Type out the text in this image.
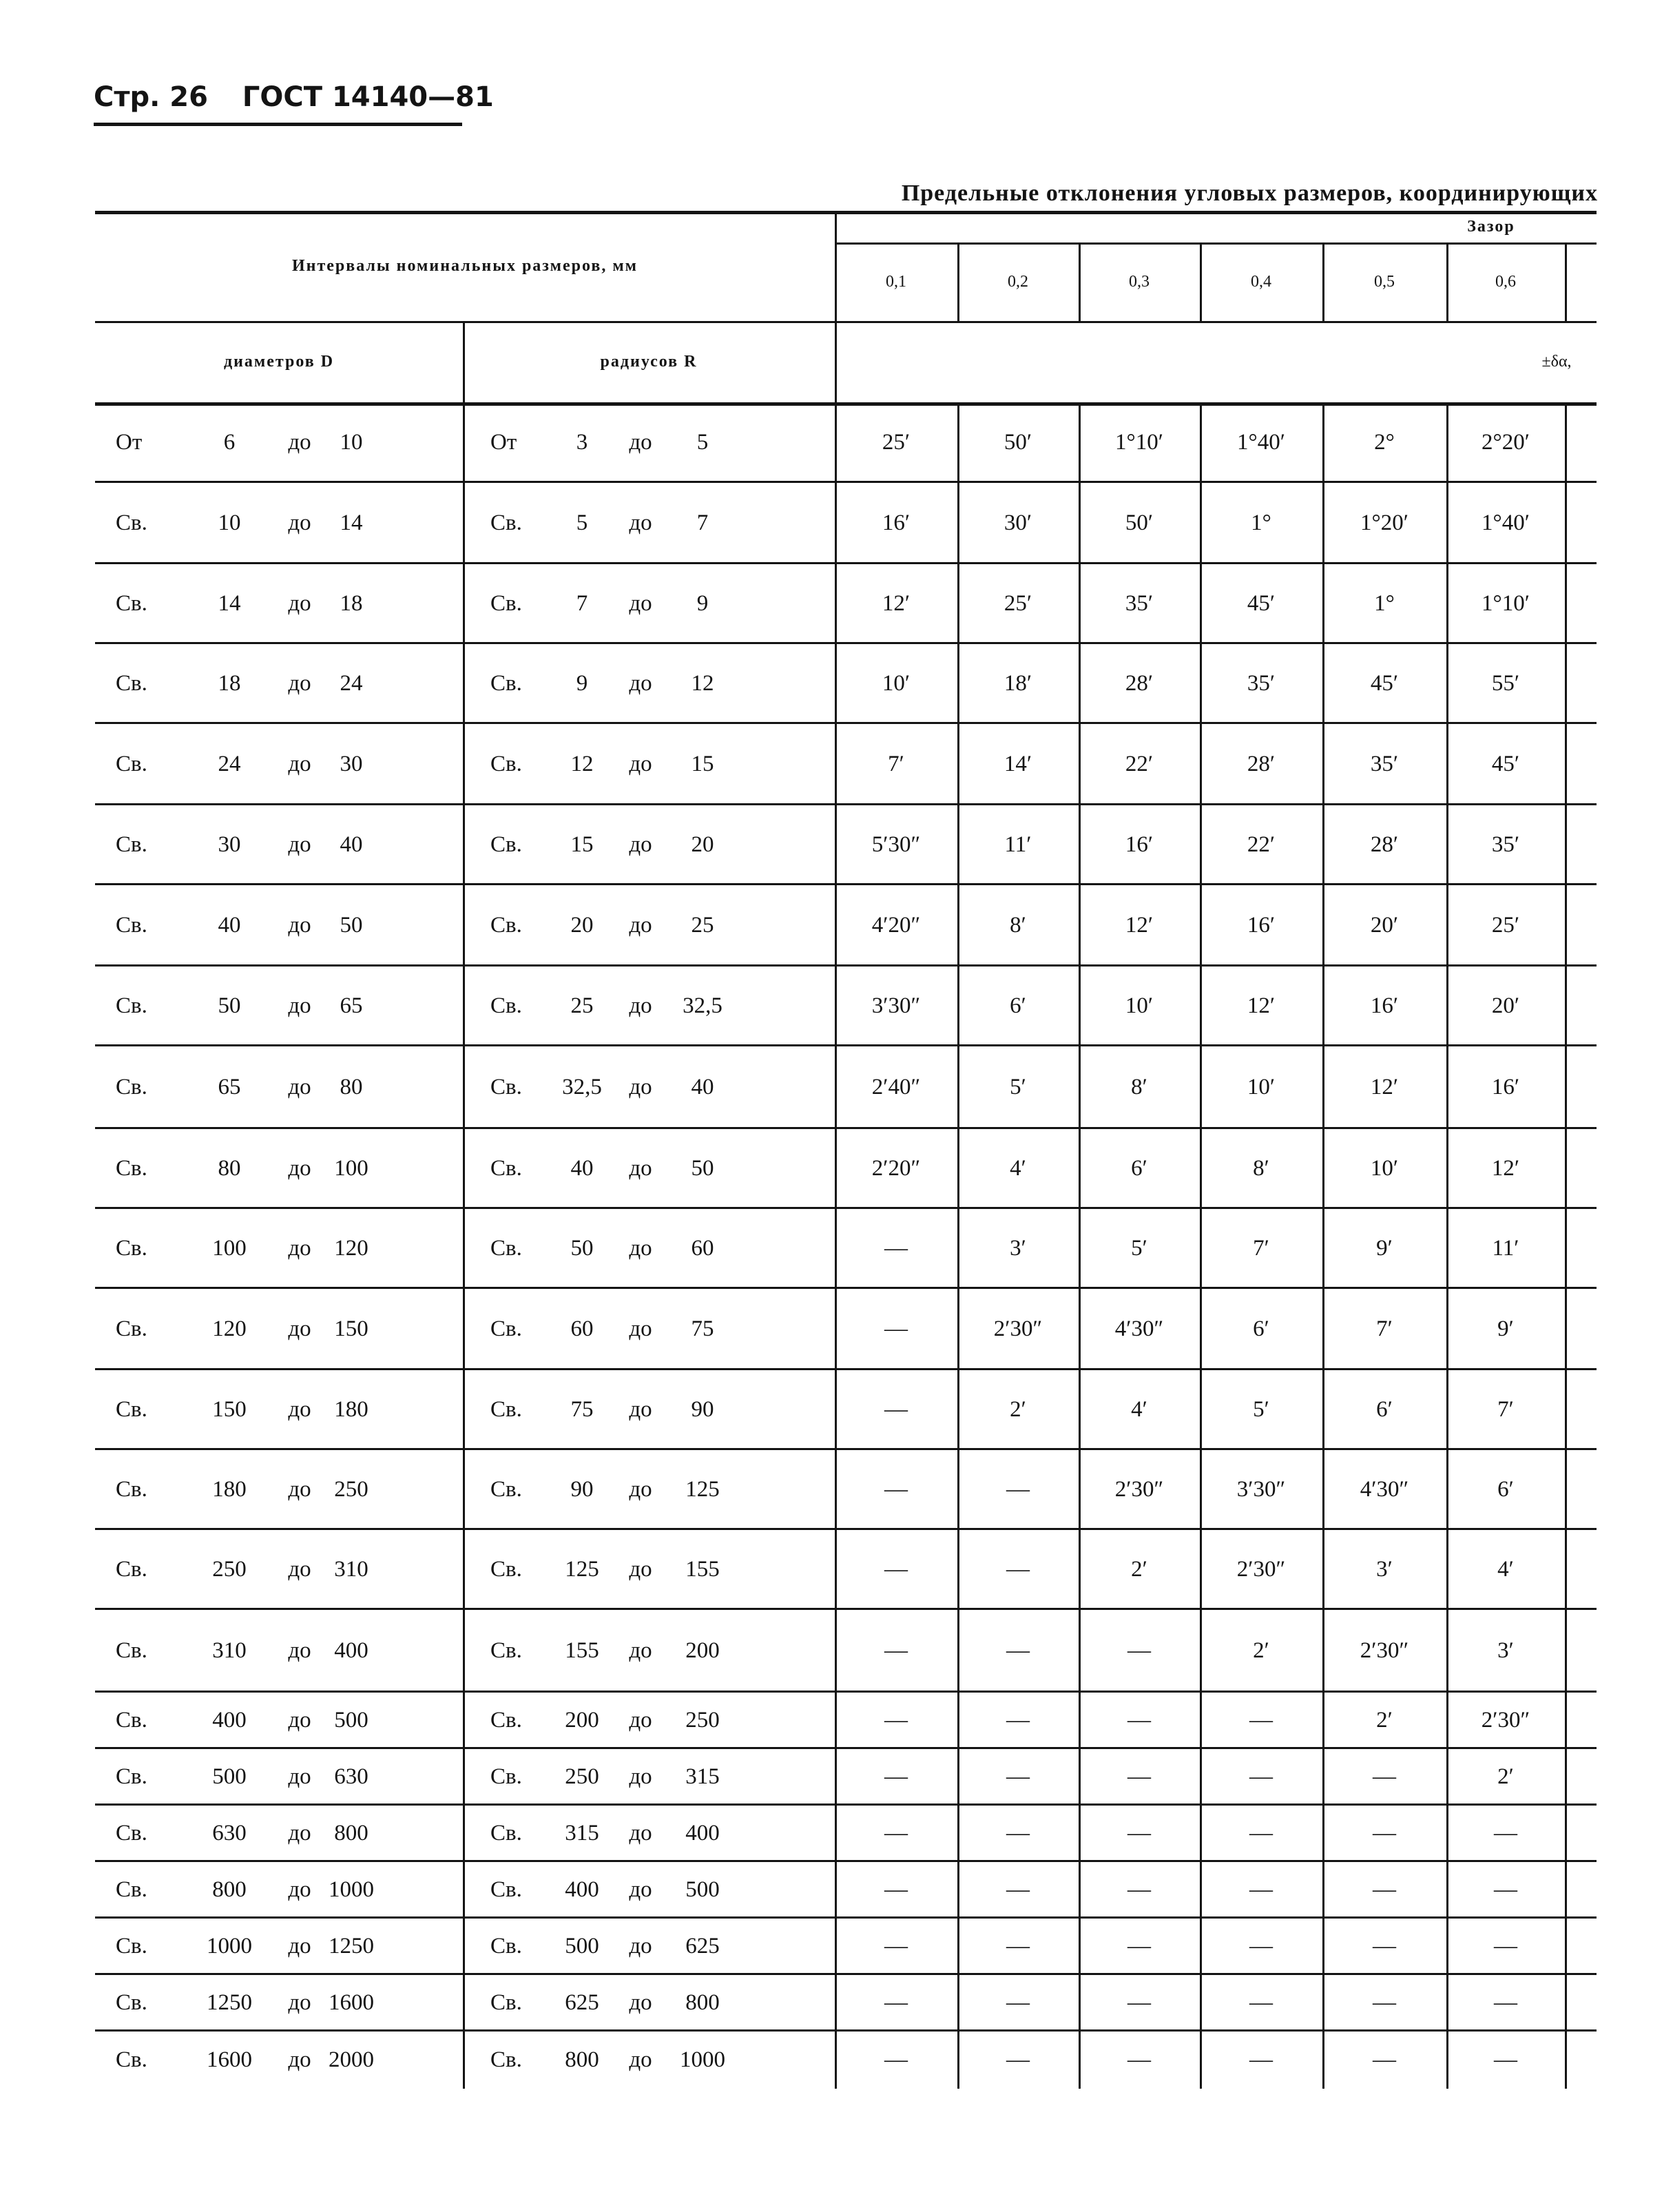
Стр. 26 ГОСТ 14140—81
Предельные отклонения угловых размеров, координирующих
Интервалы номинальных размеров, мм
Зазор
0,1	0,2	0,3	0,4	0,5	0,6
диаметров D	радиусов R	±δα,
От	6	до	10	От	3	до	5	25′	50′	1°10′	1°40′	2°	2°20′
Св.	10	до	14	Св.	5	до	7	16′	30′	50′	1°	1°20′	1°40′
Св.	14	до	18	Св.	7	до	9	12′	25′	35′	45′	1°	1°10′
Св.	18	до	24	Св.	9	до	12	10′	18′	28′	35′	45′	55′
Св.	24	до	30	Св.	12	до	15	7′	14′	22′	28′	35′	45′
Св.	30	до	40	Св.	15	до	20	5′30″	11′	16′	22′	28′	35′
Св.	40	до	50	Св.	20	до	25	4′20″	8′	12′	16′	20′	25′
Св.	50	до	65	Св.	25	до	32,5	3′30″	6′	10′	12′	16′	20′
Св.	65	до	80	Св.	32,5	до	40	2′40″	5′	8′	10′	12′	16′
Св.	80	до	100	Св.	40	до	50	2′20″	4′	6′	8′	10′	12′
Св.	100	до	120	Св.	50	до	60	—	3′	5′	7′	9′	11′
Св.	120	до	150	Св.	60	до	75	—	2′30″	4′30″	6′	7′	9′
Св.	150	до	180	Св.	75	до	90	—	2′	4′	5′	6′	7′
Св.	180	до	250	Св.	90	до	125	—	—	2′30″	3′30″	4′30″	6′
Св.	250	до	310	Св.	125	до	155	—	—	2′	2′30″	3′	4′
Св.	310	до	400	Св.	155	до	200	—	—	—	2′	2′30″	3′
Св.	400	до	500	Св.	200	до	250	—	—	—	—	2′	2′30″
Св.	500	до	630	Св.	250	до	315	—	—	—	—	—	2′
Св.	630	до	800	Св.	315	до	400	—	—	—	—	—	—
Св.	800	до 1000	Св.	400	до	500	—	—	—	—	—	—
Св.	1000	до 1250	Св.	500	до	625	—	—	—	—	—	—
Св.	1250	до 1600	Св.	625	до	800	—	—	—	—	—	—
Св.	1600	до 2000	Св.	800	до	1000	—	—	—	—	—	—
